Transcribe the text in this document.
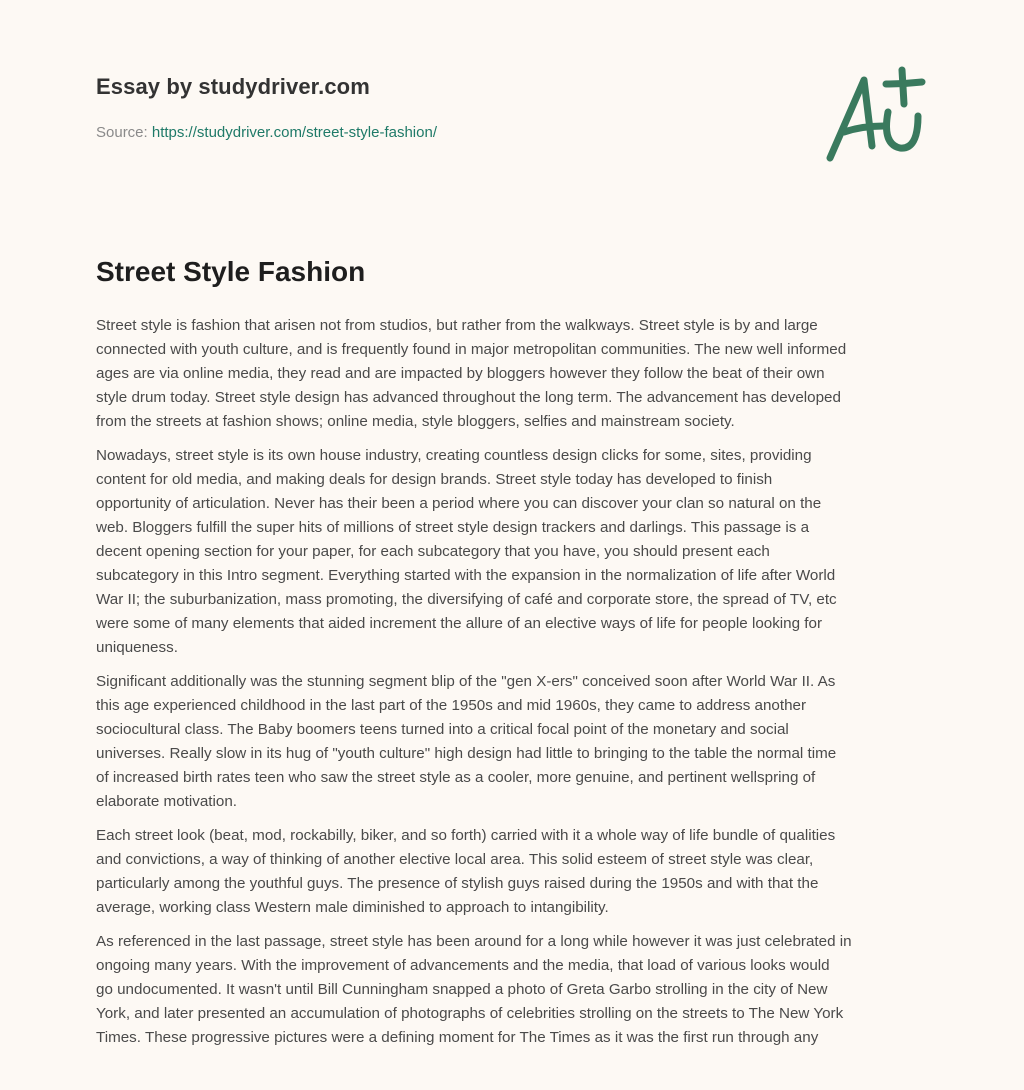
Essay by studydriver.com
Source: https://studydriver.com/street-style-fashion/
Street Style Fashion

Street style is fashion that arisen not from studios, but rather from the walkways. Street style is by and large
connected with youth culture, and is frequently found in major metropolitan communities. The new well informed
ages are via online media, they read and are impacted by bloggers however they follow the beat of their own
style drum today. Street style design has advanced throughout the long term. The advancement has developed
from the streets at fashion shows; online media, style bloggers, selfies and mainstream society.

Nowadays, street style is its own house industry, creating countless design clicks for some, sites, providing
content for old media, and making deals for design brands. Street style today has developed to finish
opportunity of articulation. Never has their been a period where you can discover your clan so natural on the
web. Bloggers fulfill the super hits of millions of street style design trackers and darlings. This passage is a
decent opening section for your paper, for each subcategory that you have, you should present each
subcategory in this Intro segment. Everything started with the expansion in the normalization of life after World
War II; the suburbanization, mass promoting, the diversifying of café and corporate store, the spread of TV, etc
were some of many elements that aided increment the allure of an elective ways of life for people looking for
uniqueness.

Significant additionally was the stunning segment blip of the "gen X-ers" conceived soon after World War II. As
this age experienced childhood in the last part of the 1950s and mid 1960s, they came to address another
sociocultural class. The Baby boomers teens turned into a critical focal point of the monetary and social
universes. Really slow in its hug of "youth culture" high design had little to bringing to the table the normal time
of increased birth rates teen who saw the street style as a cooler, more genuine, and pertinent wellspring of
elaborate motivation.

Each street look (beat, mod, rockabilly, biker, and so forth) carried with it a whole way of life bundle of qualities
and convictions, a way of thinking of another elective local area. This solid esteem of street style was clear,
particularly among the youthful guys. The presence of stylish guys raised during the 1950s and with that the
average, working class Western male diminished to approach to intangibility.

As referenced in the last passage, street style has been around for a long while however it was just celebrated in
ongoing many years. With the improvement of advancements and the media, that load of various looks would
go undocumented. It wasn't until Bill Cunningham snapped a photo of Greta Garbo strolling in the city of New
York, and later presented an accumulation of photographs of celebrities strolling on the streets to The New York
Times. These progressive pictures were a defining moment for The Times as it was the first run through any
